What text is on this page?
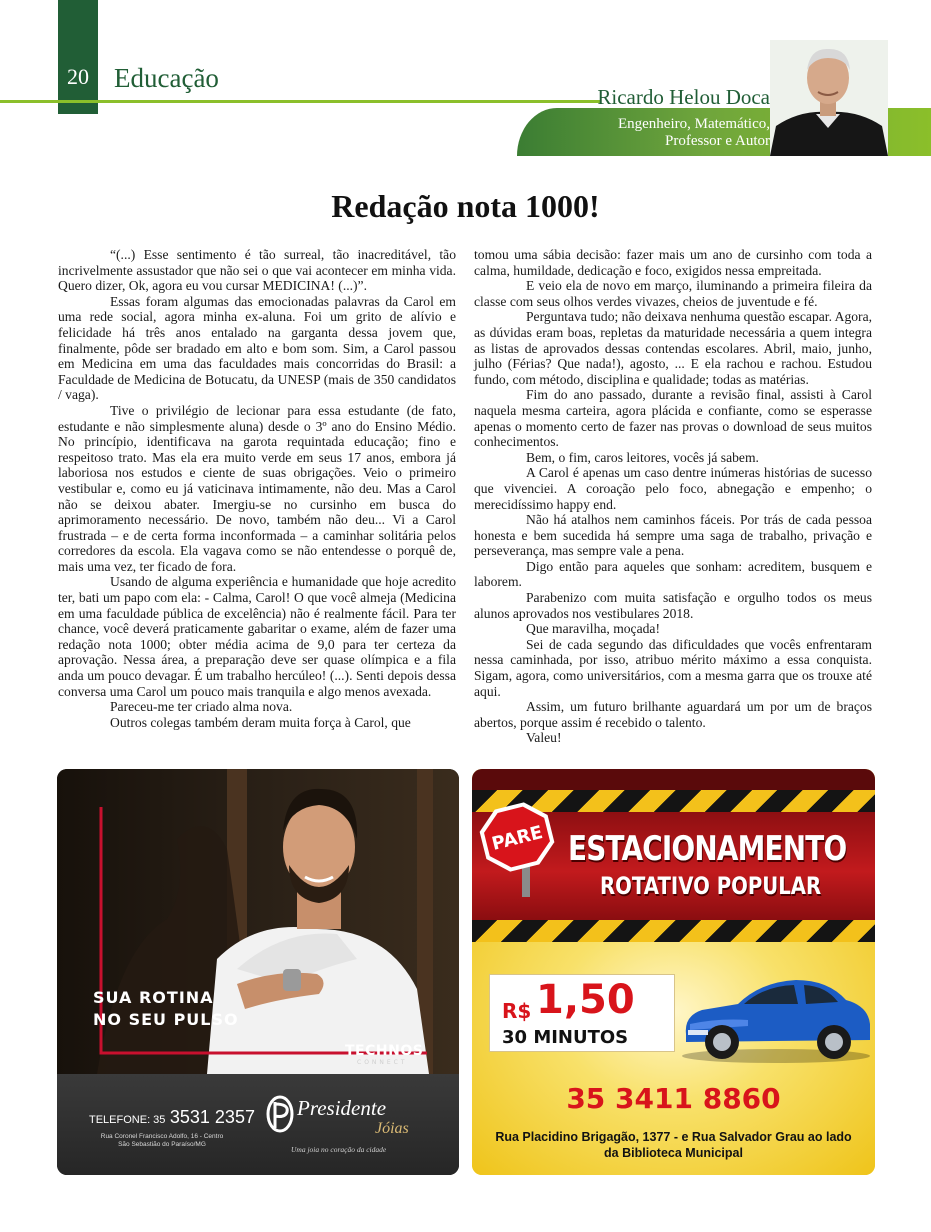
20 Educação
Ricardo Helou Doca
Engenheiro, Matemático,
Professor e Autor
Redação nota 1000!

“(...) Esse sentimento é tão surreal, tão inacreditável, tão incrivelmente assustador que não sei o que vai acontecer em minha vida. Quero dizer, Ok, agora eu vou cursar MEDICINA! (...)”.

Essas foram algumas das emocionadas palavras da Carol em uma rede social, agora minha ex-aluna. Foi um grito de alívio e felicidade há três anos entalado na garganta dessa jovem que, finalmente, pôde ser bradado em alto e bom som. Sim, a Carol passou em Medicina em uma das faculdades mais concorridas do Brasil: a Faculdade de Medicina de Botucatu, da UNESP (mais de 350 candidatos / vaga).

Tive o privilégio de lecionar para essa estudante (de fato, estudante e não simplesmente aluna) desde o 3º ano do Ensino Médio. No princípio, identificava na garota requintada educação; fino e respeitoso trato. Mas ela era muito verde em seus 17 anos, embora já laboriosa nos estudos e ciente de suas obrigações. Veio o primeiro vestibular e, como eu já vaticinava intimamente, não deu. Mas a Carol não se deixou abater. Imergiu-se no cursinho em busca do aprimoramento necessário. De novo, também não deu... Vi a Carol frustrada – e de certa forma inconformada – a caminhar solitária pelos corredores da escola. Ela vagava como se não entendesse o porquê de, mais uma vez, ter ficado de fora.

Usando de alguma experiência e humanidade que hoje acredito ter, bati um papo com ela: - Calma, Carol! O que você almeja (Medicina em uma faculdade pública de excelência) não é realmente fácil. Para ter chance, você deverá praticamente gabaritar o exame, além de fazer uma redação nota 1000; obter média acima de 9,0 para ter certeza da aprovação. Nessa área, a preparação deve ser quase olímpica e a fila anda um pouco devagar. É um trabalho hercúleo! (...). Senti depois dessa conversa uma Carol um pouco mais tranquila e algo menos avexada.

Pareceu-me ter criado alma nova.

Outros colegas também deram muita força à Carol, que

tomou uma sábia decisão: fazer mais um ano de cursinho com toda a calma, humildade, dedicação e foco, exigidos nessa empreitada.

E veio ela de novo em março, iluminando a primeira fileira da classe com seus olhos verdes vivazes, cheios de juventude e fé.

Perguntava tudo; não deixava nenhuma questão escapar. Agora, as dúvidas eram boas, repletas da maturidade necessária a quem integra as listas de aprovados dessas contendas escolares. Abril, maio, junho, julho (Férias? Que nada!), agosto, ... E ela rachou e rachou. Estudou fundo, com método, disciplina e qualidade; todas as matérias.

Fim do ano passado, durante a revisão final, assisti à Carol naquela mesma carteira, agora plácida e confiante, como se esperasse apenas o momento certo de fazer nas provas o download de seus muitos conhecimentos.

Bem, o fim, caros leitores, vocês já sabem.

A Carol é apenas um caso dentre inúmeras histórias de sucesso que vivenciei. A coroação pelo foco, abnegação e empenho; o merecidíssimo happy end.

Não há atalhos nem caminhos fáceis. Por trás de cada pessoa honesta e bem sucedida há sempre uma saga de trabalho, privação e perseverança, mas sempre vale a pena.

Digo então para aqueles que sonham: acreditem, busquem e laborem.

Parabenizo com muita satisfação e orgulho todos os meus alunos aprovados nos vestibulares 2018.

Que maravilha, moçada!

Sei de cada segundo das dificuldades que vocês enfrentaram nessa caminhada, por isso, atribuo mérito máximo a essa conquista. Sigam, agora, como universitários, com a mesma garra que os trouxe até aqui.

Assim, um futuro brilhante aguardará um por um de braços abertos, porque assim é recebido o talento.

Valeu!

SUA ROTINA
NO SEU PULSO
TECHNOS
CONNECT
TELEFONE: 35 3531 2357
Rua Coronel Francisco Adolfo, 16 - Centro
São Sebastião do Paraíso/MG
Presidente
Jóias
Uma joia no coração da cidade
PARE ESTACIONAMENTO
ROTATIVO POPULAR
R$ 1,50
30 MINUTOS
35 3411 8860
Rua Placidino Brigagão, 1377 - e Rua Salvador Grau ao lado
da Biblioteca Municipal
